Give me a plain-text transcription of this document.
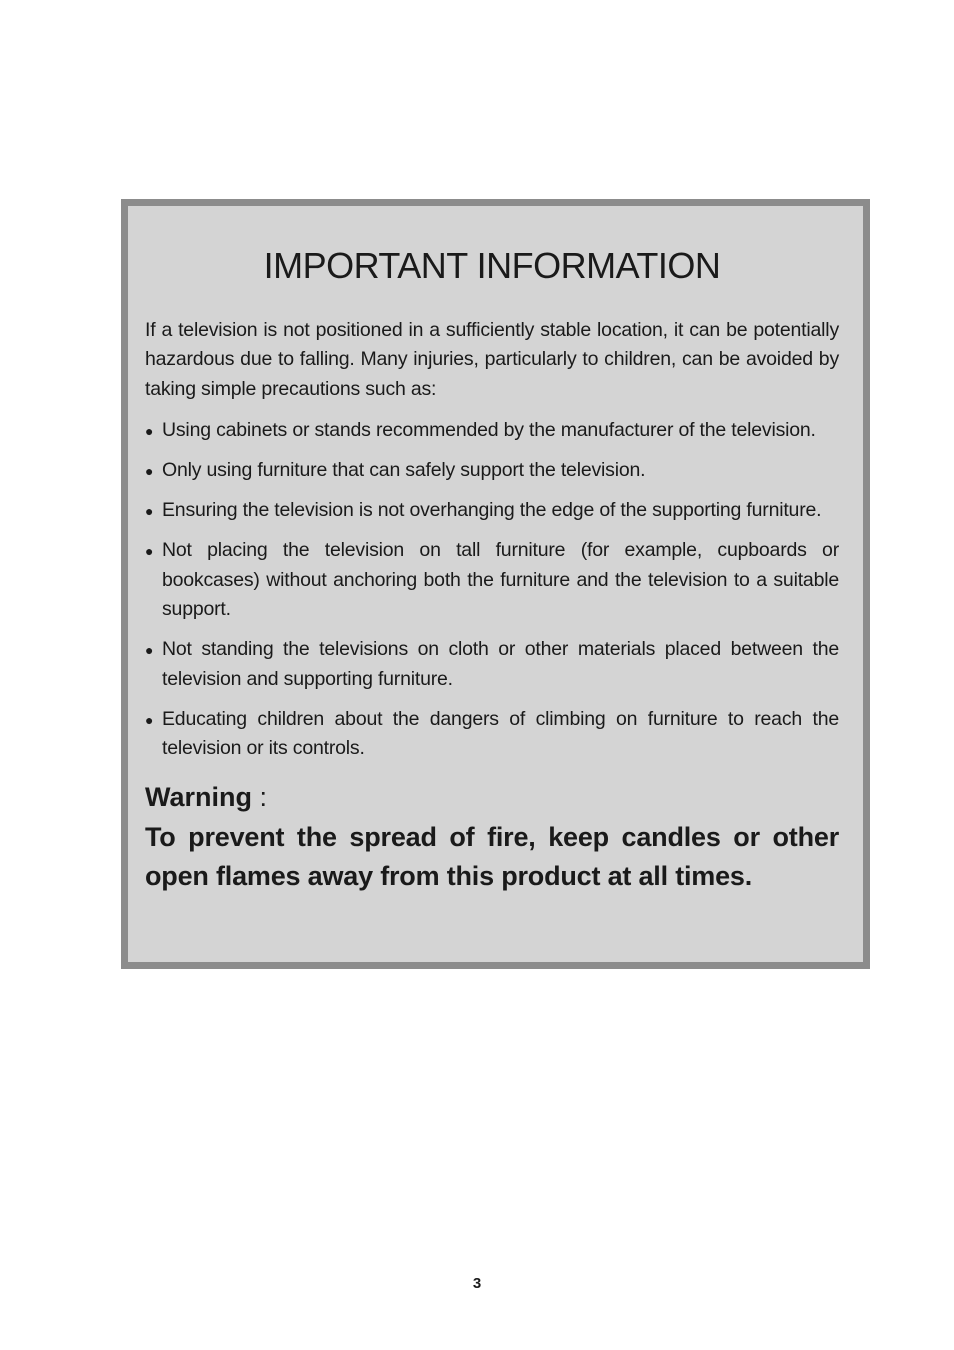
IMPORTANT INFORMATION

If a television is not positioned in a sufficiently stable location, it can be potentially hazardous due to falling. Many injuries, particularly to children, can be avoided by taking simple precautions such as:

● Using cabinets or stands recommended by the manufacturer of the television.
● Only using furniture that can safely support the television.
● Ensuring the television is not overhanging the edge of the supporting furniture.
● Not placing the television on tall furniture (for example, cupboards or bookcases) without anchoring both the furniture and the television to a suitable support.
● Not standing the televisions on cloth or other materials placed between the television and supporting furniture.
● Educating children about the dangers of climbing on furniture to reach the television or its controls.
Warning :

To prevent the spread of fire, keep candles or other open flames away from this product at all times.

3
